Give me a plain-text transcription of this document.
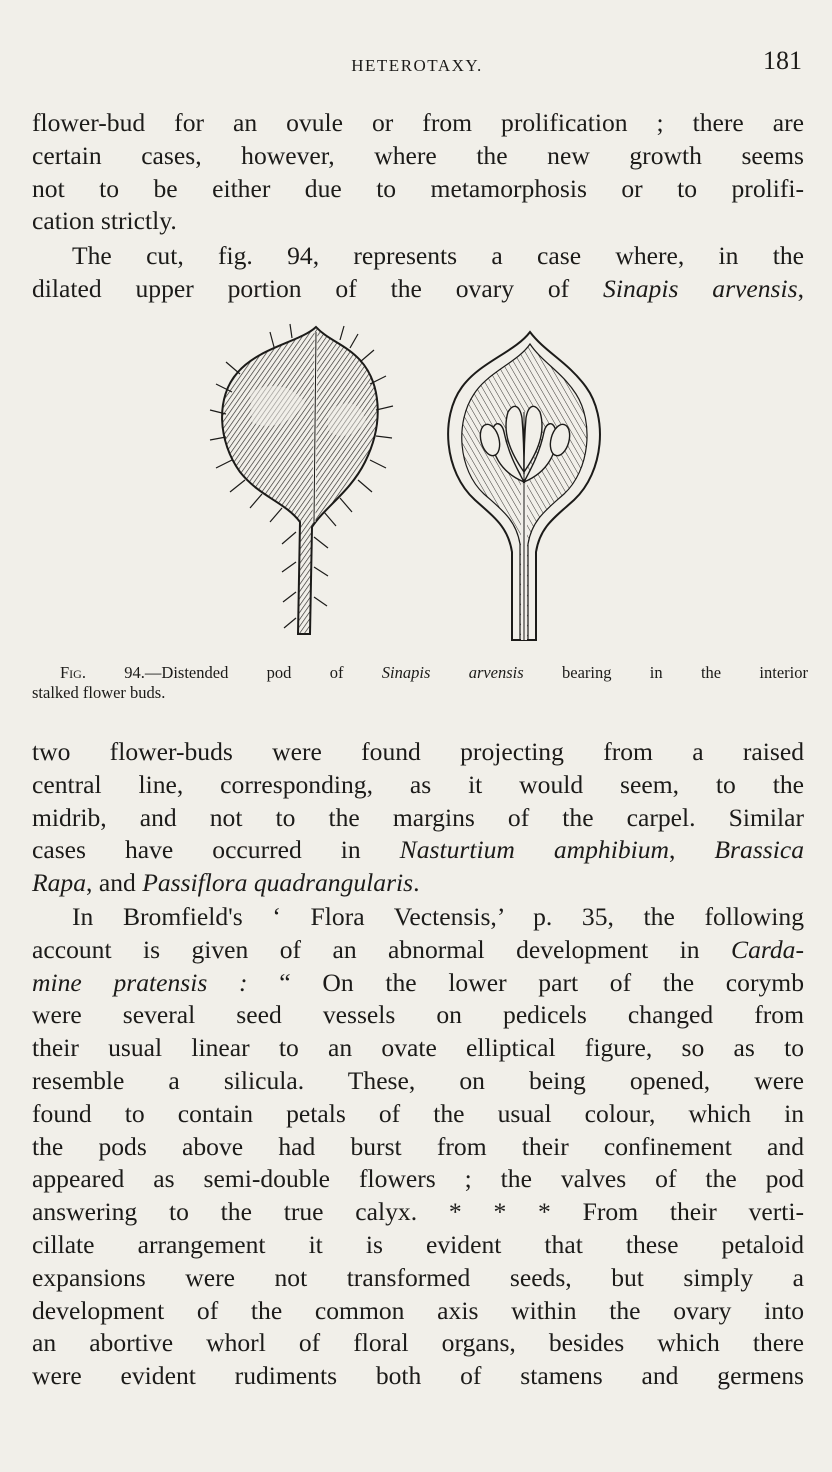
HETEROTAXY.	181
flower-bud for an ovule or from prolification ; there are
certain cases, however, where the new growth seems
not to be either due to metamorphosis or to prolifi-
cation strictly.
The cut, fig. 94, represents a case where, in the
dilated upper portion of the ovary of Sinapis arvensis,
Fig. 94.—Distended pod of Sinapis arvensis bearing in the interior
stalked flower buds.
two flower-buds were found projecting from a raised
central line, corresponding, as it would seem, to the
midrib, and not to the margins of the carpel. Similar
cases have occurred in Nasturtium amphibium, Brassica
Rapa, and Passiflora quadrangularis.
In Bromfield's ‘ Flora Vectensis,’ p. 35, the following
account is given of an abnormal development in Carda-
mine pratensis : “ On the lower part of the corymb
were several seed vessels on pedicels changed from
their usual linear to an ovate elliptical figure, so as to
resemble a silicula. These, on being opened, were
found to contain petals of the usual colour, which in
the pods above had burst from their confinement and
appeared as semi-double flowers ; the valves of the pod
answering to the true calyx. * * * From their verti-
cillate arrangement it is evident that these petaloid
expansions were not transformed seeds, but simply a
development of the common axis within the ovary into
an abortive whorl of floral organs, besides which there
were evident rudiments both of stamens and germens
